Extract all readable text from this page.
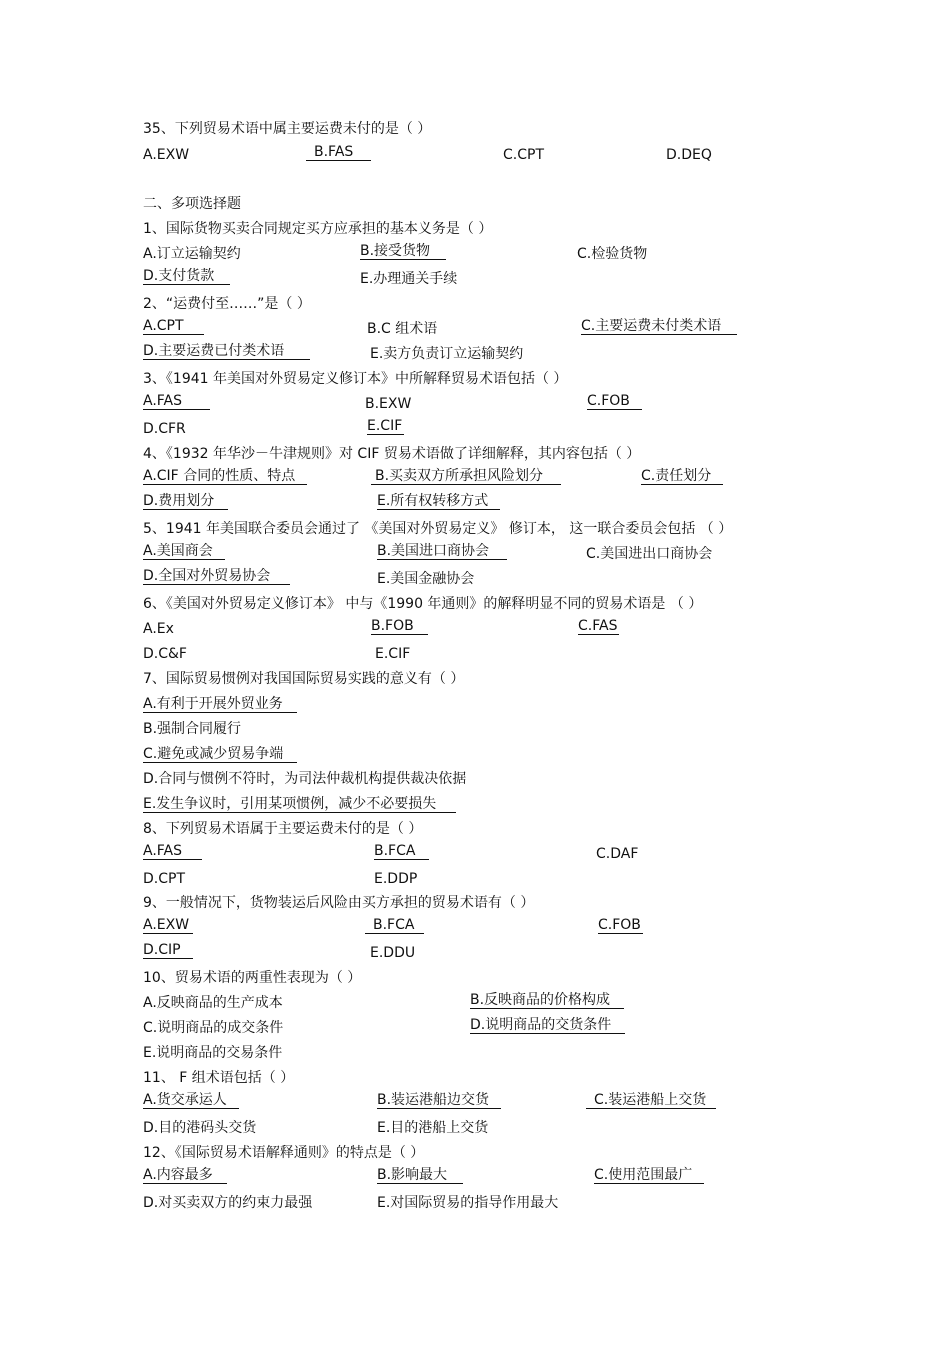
35、下列贸易术语中属主要运费未付的是（ ）
A.EXW	B.FAS	C.CPT	D.DEQ
二、多项选择题
1、国际货物买卖合同规定买方应承担的基本义务是（ ）
A.订立运输契约	B.接受货物	C.检验货物
D.支付货款	E.办理通关手续
2、“运费付至……”是（ ）
A.CPT	B.C 组术语	C.主要运费未付类术语
D.主要运费已付类术语	E.卖方负责订立运输契约
3、《1941 年美国对外贸易定义修订本》中所解释贸易术语包括（ ）
A.FAS	B.EXW	C.FOB
D.CFR	E.CIF
4、《1932 年华沙－牛津规则》对 CIF 贸易术语做了详细解释，其内容包括（ ）
A.CIF 合同的性质、特点	B.买卖双方所承担风险划分	C.责任划分
D.费用划分	E.所有权转移方式
5、1941 年美国联合委员会通过了 《美国对外贸易定义》 修订本， 这一联合委员会包括 （ ）
A.美国商会	B.美国进口商协会	C.美国进出口商协会
D.全国对外贸易协会	E.美国金融协会
6、《美国对外贸易定义修订本》 中与《1990 年通则》的解释明显不同的贸易术语是 （ ）
A.Ex	B.FOB	C.FAS
D.C&F	E.CIF
7、国际贸易惯例对我国国际贸易实践的意义有（ ）
A.有利于开展外贸业务
B.强制合同履行
C.避免或减少贸易争端
D.合同与惯例不符时，为司法仲裁机构提供裁决依据
E.发生争议时，引用某项惯例，减少不必要损失
8、下列贸易术语属于主要运费未付的是（ ）
A.FAS	B.FCA	C.DAF
D.CPT	E.DDP
9、一般情况下，货物装运后风险由买方承担的贸易术语有（ ）
A.EXW	B.FCA	C.FOB
D.CIP	E.DDU
10、贸易术语的两重性表现为（ ）
A.反映商品的生产成本	B.反映商品的价格构成
C.说明商品的成交条件	D.说明商品的交货条件
E.说明商品的交易条件
11、 F 组术语包括（ ）
A.货交承运人	B.装运港船边交货	C.装运港船上交货
D.目的港码头交货	E.目的港船上交货
12、《国际贸易术语解释通则》的特点是（ ）
A.内容最多	B.影响最大	C.使用范围最广
D.对买卖双方的约束力最强	E.对国际贸易的指导作用最大
